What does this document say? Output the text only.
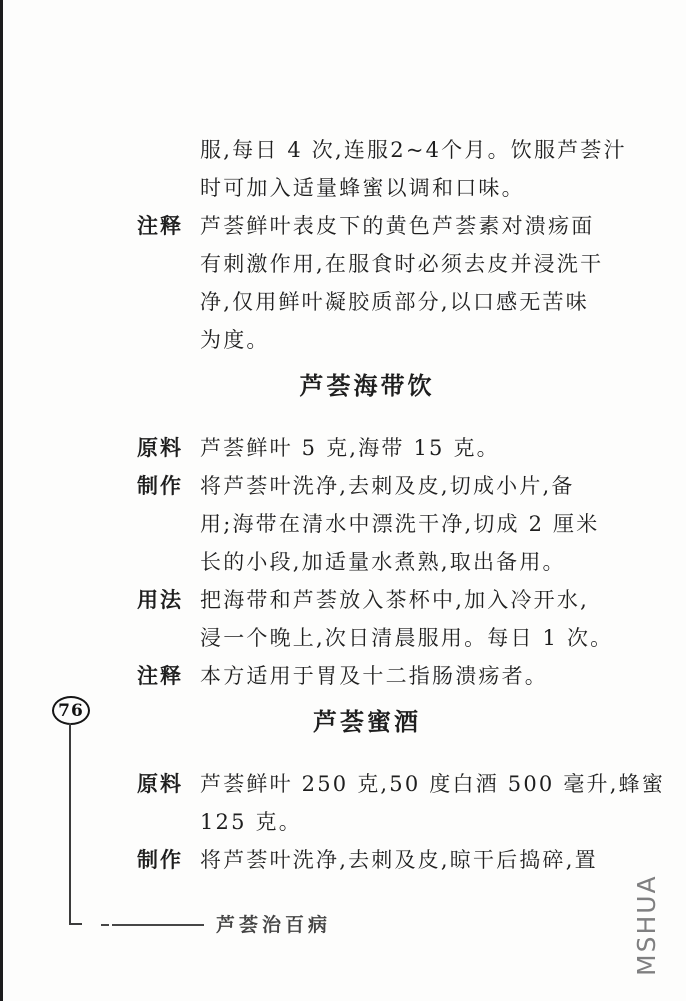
服,每日 4 次,连服2~4个月。饮服芦荟汁
时可加入适量蜂蜜以调和口味。
注释 芦荟鲜叶表皮下的黄色芦荟素对溃疡面
有刺激作用,在服食时必须去皮并浸洗干
净,仅用鲜叶凝胶质部分,以口感无苦味
为度。
芦荟海带饮
原料 芦荟鲜叶 5 克,海带 15 克。
制作 将芦荟叶洗净,去刺及皮,切成小片,备
用;海带在清水中漂洗干净,切成 2 厘米
长的小段,加适量水煮熟,取出备用。
用法 把海带和芦荟放入茶杯中,加入冷开水,
浸一个晚上,次日清晨服用。每日 1 次。
注释 本方适用于胃及十二指肠溃疡者。
芦荟蜜酒
原料 芦荟鲜叶 250 克,50 度白酒 500 毫升,蜂蜜
125 克。
制作 将芦荟叶洗净,去刺及皮,晾干后捣碎,置
76
芦荟治百病	MSHUA
